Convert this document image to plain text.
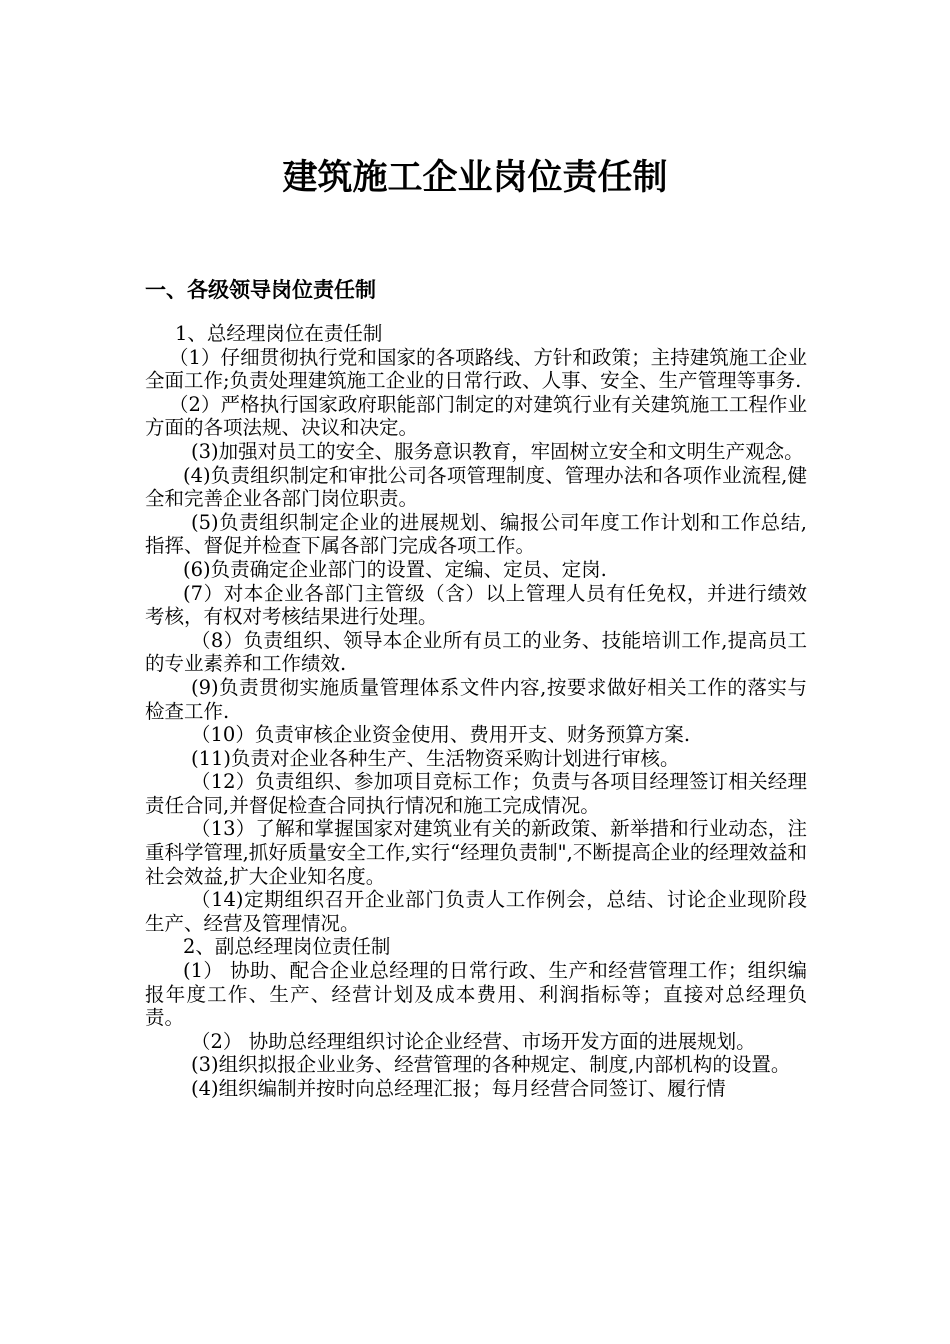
建筑施工企业岗位责任制
一、各级领导岗位责任制

1、总经理岗位在责任制

（1）仔细贯彻执行党和国家的各项路线、方针和政策；主持建筑施工企业全面工作;负责处理建筑施工企业的日常行政、人事、安全、生产管理等事务.

（2）严格执行国家政府职能部门制定的对建筑行业有关建筑施工工程作业方面的各项法规、决议和决定。

(3)加强对员工的安全、服务意识教育，牢固树立安全和文明生产观念。

(4)负责组织制定和审批公司各项管理制度、管理办法和各项作业流程,健全和完善企业各部门岗位职责。

(5)负责组织制定企业的进展规划、编报公司年度工作计划和工作总结,指挥、督促并检查下属各部门完成各项工作。

(6)负责确定企业部门的设置、定编、定员、定岗.

(7）对本企业各部门主管级（含）以上管理人员有任免权，并进行绩效考核，有权对考核结果进行处理。

（8）负责组织、领导本企业所有员工的业务、技能培训工作,提高员工的专业素养和工作绩效.

(9)负责贯彻实施质量管理体系文件内容,按要求做好相关工作的落实与检查工作.

（10）负责审核企业资金使用、费用开支、财务预算方案.

(11)负责对企业各种生产、生活物资采购计划进行审核。

（12）负责组织、参加项目竞标工作；负责与各项目经理签订相关经理责任合同,并督促检查合同执行情况和施工完成情况。

（13）了解和掌握国家对建筑业有关的新政策、新举措和行业动态，注重科学管理,抓好质量安全工作,实行“经理负责制",不断提高企业的经理效益和社会效益,扩大企业知名度。

（14)定期组织召开企业部门负责人工作例会，总结、讨论企业现阶段生产、经营及管理情况。

2、副总经理岗位责任制

(1） 协助、配合企业总经理的日常行政、生产和经营管理工作；组织编报年度工作、生产、经营计划及成本费用、利润指标等；直接对总经理负责。

（2） 协助总经理组织讨论企业经营、市场开发方面的进展规划。

(3)组织拟报企业业务、经营管理的各种规定、制度,内部机构的设置。

(4)组织编制并按时向总经理汇报；每月经营合同签订、履行情
